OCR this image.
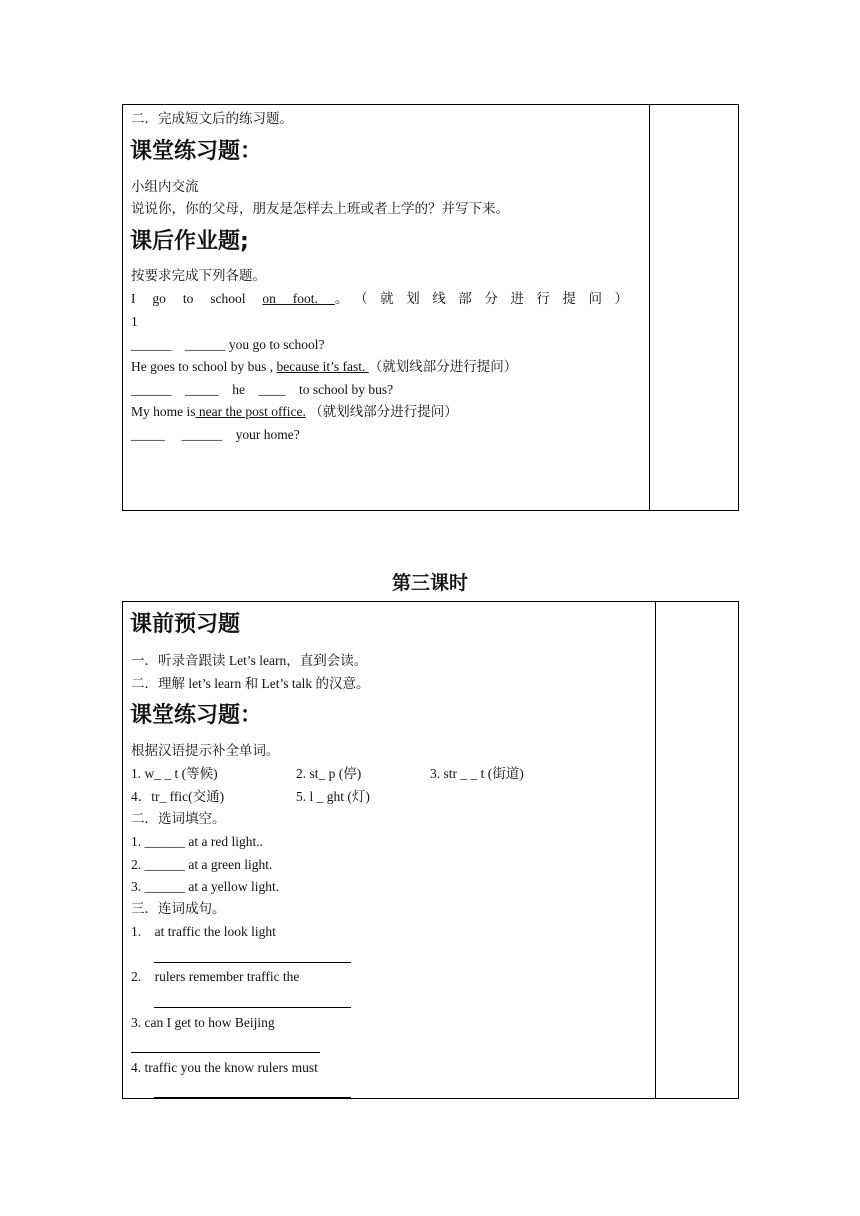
二．完成短文后的练习题。
课堂练习题：
小组内交流
说说你，你的父母，朋友是怎样去上班或者上学的？并写下来。
课后作业题;
按要求完成下列各题。
I go to school on foot. 。（就划线部分进行提问）
1
______    ______ you go to school?
He goes to school by bus , because it’s fast. （就划线部分进行提问）
______    _____    he    ____    to school by bus?
My home is near the post office. （就划线部分进行提问）
_____     ______    your home?
第三课时
课前预习题
一．听录音跟读 Let’s learn，直到会读。
二．理解 let’s learn 和 Let’s talk 的汉意。
课堂练习题：
根据汉语提示补全单词。
1. w_ _ t (等候)	2. st_ p (停)	3. str _ _ t (街道)
4．tr_ ffic(交通)	5. l _ ght (灯)
二．选词填空。
1. ______ at a red light..
2. ______ at a green light.
3. ______ at a yellow light.
三．连词成句。
1.    at traffic the look light
2.    rulers remember traffic the
3. can I get to how Beijing
4. traffic you the know rulers must
